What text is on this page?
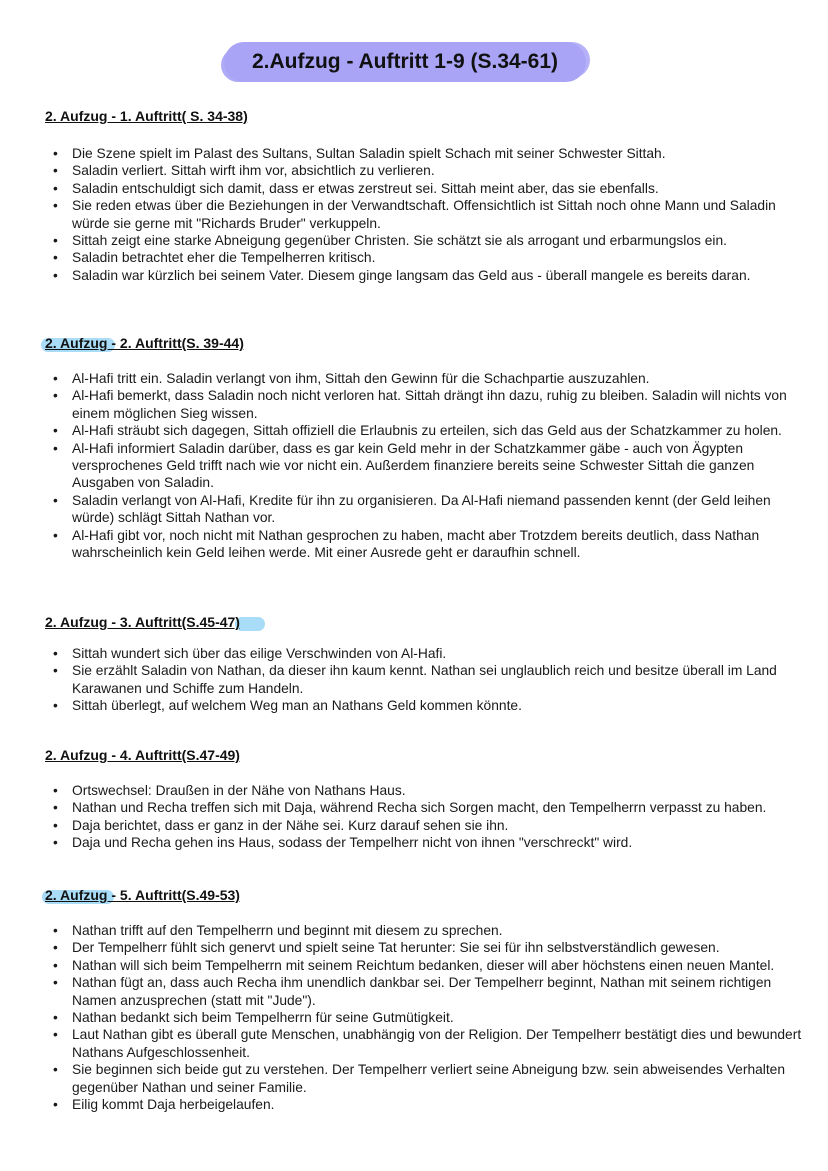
2.Aufzug - Auftritt 1-9 (S.34-61)
2. Aufzug - 1. Auftritt( S. 34-38)
• Die Szene spielt im Palast des Sultans, Sultan Saladin spielt Schach mit seiner Schwester Sittah.
• Saladin verliert. Sittah wirft ihm vor, absichtlich zu verlieren.
• Saladin entschuldigt sich damit, dass er etwas zerstreut sei. Sittah meint aber, das sie ebenfalls.
• Sie reden etwas über die Beziehungen in der Verwandtschaft. Offensichtlich ist Sittah noch ohne Mann und Saladin würde sie gerne mit "Richards Bruder" verkuppeln.
• Sittah zeigt eine starke Abneigung gegenüber Christen. Sie schätzt sie als arrogant und erbarmungslos ein.
• Saladin betrachtet eher die Tempelherren kritisch.
• Saladin war kürzlich bei seinem Vater. Diesem ginge langsam das Geld aus - überall mangele es bereits daran.
2. Aufzug - 2. Auftritt(S. 39-44)
• Al-Hafi tritt ein. Saladin verlangt von ihm, Sittah den Gewinn für die Schachpartie auszuzahlen.
• Al-Hafi bemerkt, dass Saladin noch nicht verloren hat. Sittah drängt ihn dazu, ruhig zu bleiben. Saladin will nichts von einem möglichen Sieg wissen.
• Al-Hafi sträubt sich dagegen, Sittah offiziell die Erlaubnis zu erteilen, sich das Geld aus der Schatzkammer zu holen.
• Al-Hafi informiert Saladin darüber, dass es gar kein Geld mehr in der Schatzkammer gäbe - auch von Ägypten versprochenes Geld trifft nach wie vor nicht ein. Außerdem finanziere bereits seine Schwester Sittah die ganzen Ausgaben von Saladin.
• Saladin verlangt von Al-Hafi, Kredite für ihn zu organisieren. Da Al-Hafi niemand passenden kennt (der Geld leihen würde) schlägt Sittah Nathan vor.
• Al-Hafi gibt vor, noch nicht mit Nathan gesprochen zu haben, macht aber Trotzdem bereits deutlich, dass Nathan wahrscheinlich kein Geld leihen werde. Mit einer Ausrede geht er daraufhin schnell.
2. Aufzug - 3. Auftritt(S.45-47)
• Sittah wundert sich über das eilige Verschwinden von Al-Hafi.
• Sie erzählt Saladin von Nathan, da dieser ihn kaum kennt. Nathan sei unglaublich reich und besitze überall im Land Karawanen und Schiffe zum Handeln.
• Sittah überlegt, auf welchem Weg man an Nathans Geld kommen könnte.
2. Aufzug - 4. Auftritt(S.47-49)
• Ortswechsel: Draußen in der Nähe von Nathans Haus.
• Nathan und Recha treffen sich mit Daja, während Recha sich Sorgen macht, den Tempelherrn verpasst zu haben.
• Daja berichtet, dass er ganz in der Nähe sei. Kurz darauf sehen sie ihn.
• Daja und Recha gehen ins Haus, sodass der Tempelherr nicht von ihnen "verschreckt" wird.
2. Aufzug - 5. Auftritt(S.49-53)
• Nathan trifft auf den Tempelherrn und beginnt mit diesem zu sprechen.
• Der Tempelherr fühlt sich genervt und spielt seine Tat herunter: Sie sei für ihn selbstverständlich gewesen.
• Nathan will sich beim Tempelherrn mit seinem Reichtum bedanken, dieser will aber höchstens einen neuen Mantel.
• Nathan fügt an, dass auch Recha ihm unendlich dankbar sei. Der Tempelherr beginnt, Nathan mit seinem richtigen Namen anzusprechen (statt mit "Jude").
• Nathan bedankt sich beim Tempelherrn für seine Gutmütigkeit.
• Laut Nathan gibt es überall gute Menschen, unabhängig von der Religion. Der Tempelherr bestätigt dies und bewundert Nathans Aufgeschlossenheit.
• Sie beginnen sich beide gut zu verstehen. Der Tempelherr verliert seine Abneigung bzw. sein abweisendes Verhalten gegenüber Nathan und seiner Familie.
• Eilig kommt Daja herbeigelaufen.
